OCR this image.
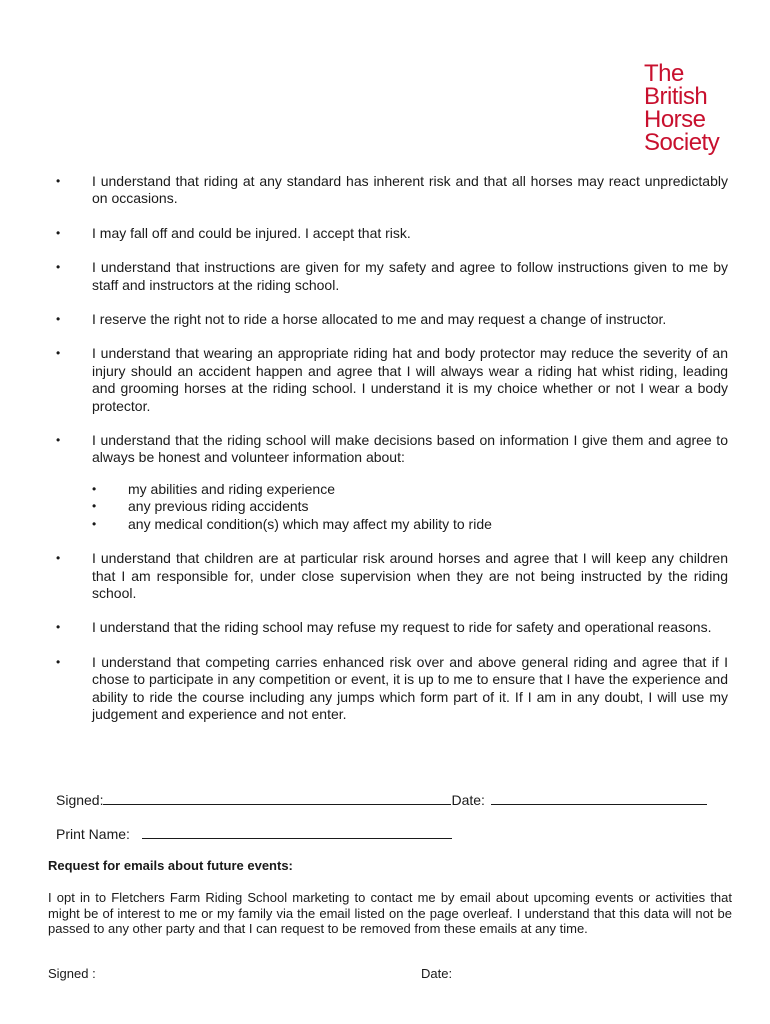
The
British
Horse
Society
• I understand that riding at any standard has inherent risk and that all horses may react unpredictably on occasions.
• I may fall off and could be injured. I accept that risk.
• I understand that instructions are given for my safety and agree to follow instructions given to me by staff and instructors at the riding school.
• I reserve the right not to ride a horse allocated to me and may request a change of instructor.
• I understand that wearing an appropriate riding hat and body protector may reduce the severity of an injury should an accident happen and agree that I will always wear a riding hat whist riding, leading and grooming horses at the riding school. I understand it is my choice whether or not I wear a body protector.
• I understand that the riding school will make decisions based on information I give them and agree to always be honest and volunteer information about:
• my abilities and riding experience
• any previous riding accidents
• any medical condition(s) which may affect my ability to ride
• I understand that children are at particular risk around horses and agree that I will keep any children that I am responsible for, under close supervision when they are not being instructed by the riding school.
• I understand that the riding school may refuse my request to ride for safety and operational reasons.
• I understand that competing carries enhanced risk over and above general riding and agree that if I chose to participate in any competition or event, it is up to me to ensure that I have the experience and ability to ride the course including any jumps which form part of it. If I am in any doubt, I will use my judgement and experience and not enter.
Signed:	Date:
Print Name:
Request for emails about future events:
I opt in to Fletchers Farm Riding School marketing to contact me by email about upcoming events or activities that might be of interest to me or my family via the email listed on the page overleaf. I understand that this data will not be passed to any other party and that I can request to be removed from these emails at any time.
Signed :	Date:
